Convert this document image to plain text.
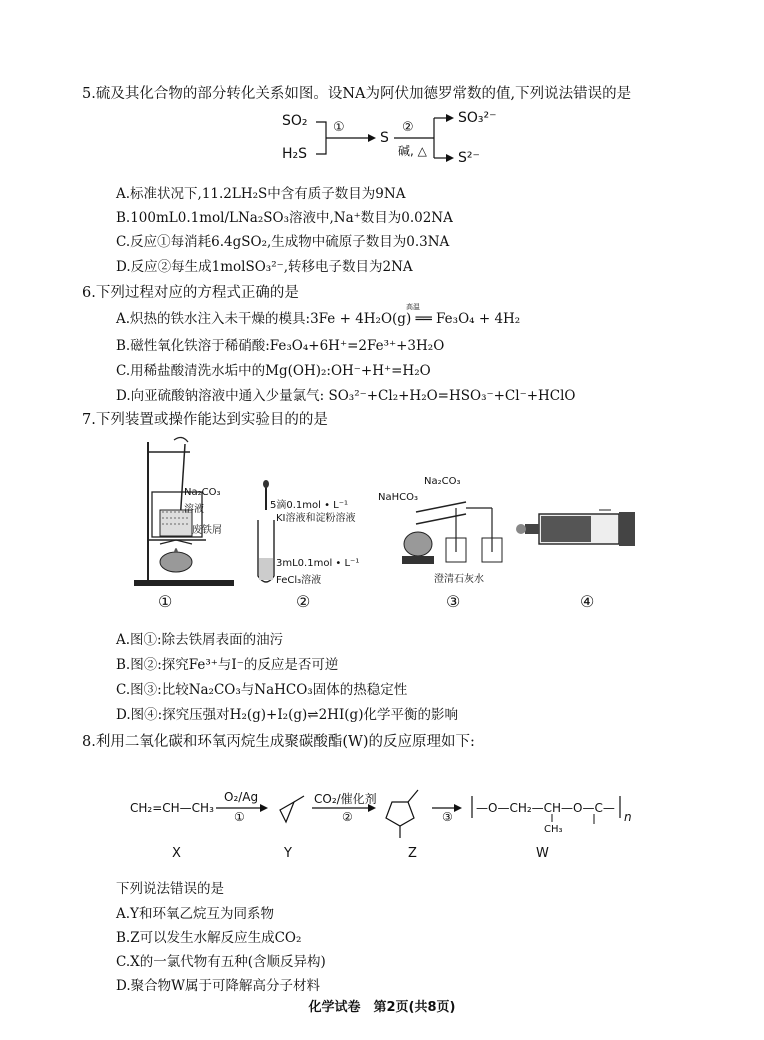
5.硫及其化合物的部分转化关系如图。设NA为阿伏加德罗常数的值,下列说法错误的是
SO₂
H₂S
①
S
②
碱, △
SO₃²⁻
S²⁻
A.标准状况下,11.2LH₂S中含有质子数目为9NA
B.100mL0.1mol/LNa₂SO₃溶液中,Na⁺数目为0.02NA
C.反应①每消耗6.4gSO₂,生成物中硫原子数目为0.3NA
D.反应②每生成1molSO₃²⁻,转移电子数目为2NA
6.下列过程对应的方程式正确的是
A.炽热的铁水注入未干燥的模具:3Fe + 4H₂O(g) ══ Fe₃O₄ + 4H₂
高温
B.磁性氧化铁溶于稀硝酸:Fe₃O₄+6H⁺=2Fe³⁺+3H₂O
C.用稀盐酸清洗水垢中的Mg(OH)₂:OH⁻+H⁺=H₂O
D.向亚硫酸钠溶液中通入少量氯气: SO₃²⁻+Cl₂+H₂O=HSO₃⁻+Cl⁻+HClO
7.下列装置或操作能达到实验目的的是
Na₂CO₃
溶液
废铁屑
5滴0.1mol • L⁻¹
KI溶液和淀粉溶液
3mL0.1mol • L⁻¹
FeCl₃溶液
Na₂CO₃
NaHCO₃
澄清石灰水
①	②	③	④
A.图①:除去铁屑表面的油污
B.图②:探究Fe³⁺与I⁻的反应是否可逆
C.图③:比较Na₂CO₃与NaHCO₃固体的热稳定性
D.图④:探究压强对H₂(g)+I₂(g)⇌2HI(g)化学平衡的影响
8.利用二氧化碳和环氧丙烷生成聚碳酸酯(W)的反应原理如下:
CH₂=CH—CH₃
O₂/Ag
①
CO₂/催化剂
②	③
—O—CH₂—CH—O—C—
CH₃
n
X	Y	Z	W
下列说法错误的是
A.Y和环氧乙烷互为同系物
B.Z可以发生水解反应生成CO₂
C.X的一氯代物有五种(含顺反异构)
D.聚合物W属于可降解高分子材料
化学试卷　第2页(共8页)
